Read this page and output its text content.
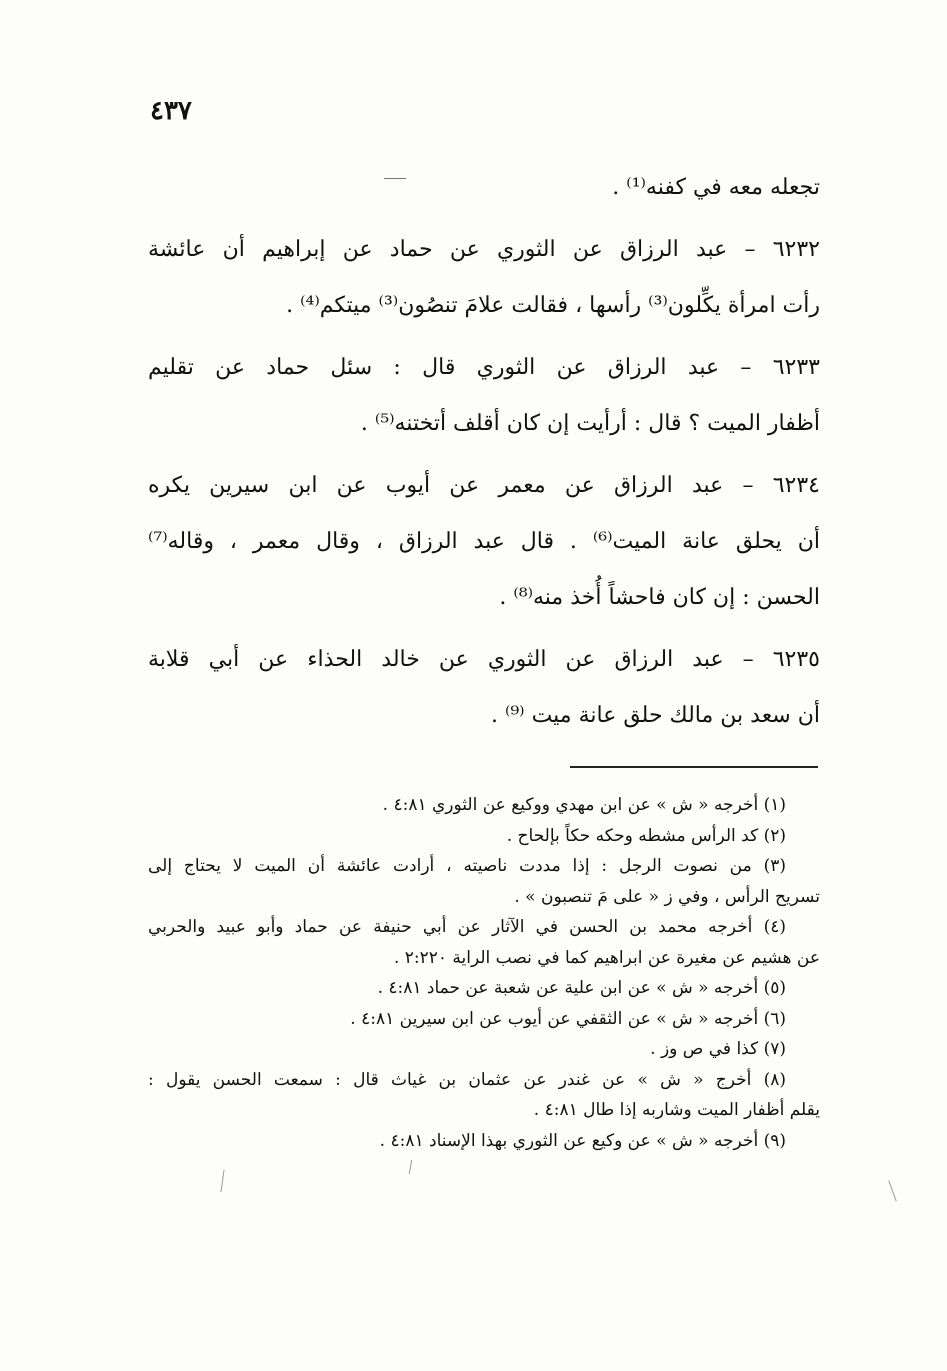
٤٣٧
تجعله معه في كفنه⁽¹⁾ .
٦٢٣٢ – عبد الرزاق عن الثوري عن حماد عن إبراهيم أن عائشة
رأت امرأة يكِّلون⁽³⁾ رأسها ، فقالت علامَ تنصُون⁽³⁾ ميتكم⁽⁴⁾ .
٦٢٣٣ – عبد الرزاق عن الثوري قال : سئل حماد عن تقليم
أظفار الميت ؟ قال : أرأيت إن كان أقلف أتختنه⁽⁵⁾ .
٦٢٣٤ – عبد الرزاق عن معمر عن أيوب عن ابن سيرين يكره
أن يحلق عانة الميت⁽⁶⁾ . قال عبد الرزاق ، وقال معمر ، وقاله⁽⁷⁾
الحسن : إن كان فاحشاً أُخذ منه⁽⁸⁾ .
٦٢٣٥ – عبد الرزاق عن الثوري عن خالد الحذاء عن أبي قلابة
أن سعد بن مالك حلق عانة ميت ⁽⁹⁾ .
(١) أخرجه « ش » عن ابن مهدي ووكيع عن الثوري ٤:٨١ .
(٢) كد الرأس مشطه وحكه حكاً بإلحاح .
(٣) من نصوت الرجل : إذا مددت ناصيته ، أرادت عائشة أن الميت لا يحتاج إلى
تسريح الرأس ، وفي ز « على مَ تنصبون » .
(٤) أخرجه محمد بن الحسن في الآثار عن أبي حنيفة عن حماد وأبو عبيد والحربي
عن هشيم عن مغيرة عن ابراهيم كما في نصب الراية ٢:٢٢٠ .
(٥) أخرجه « ش » عن ابن علية عن شعبة عن حماد ٤:٨١ .
(٦) أخرجه « ش » عن الثقفي عن أيوب عن ابن سيرين ٤:٨١ .
(٧) كذا في ص وز .
(٨) أخرج « ش » عن غندر عن عثمان بن غياث قال : سمعت الحسن يقول :
يقلم أظفار الميت وشاربه إذا طال ٤:٨١ .
(٩) أخرجه « ش » عن وكيع عن الثوري بهذا الإسناد ٤:٨١ .
